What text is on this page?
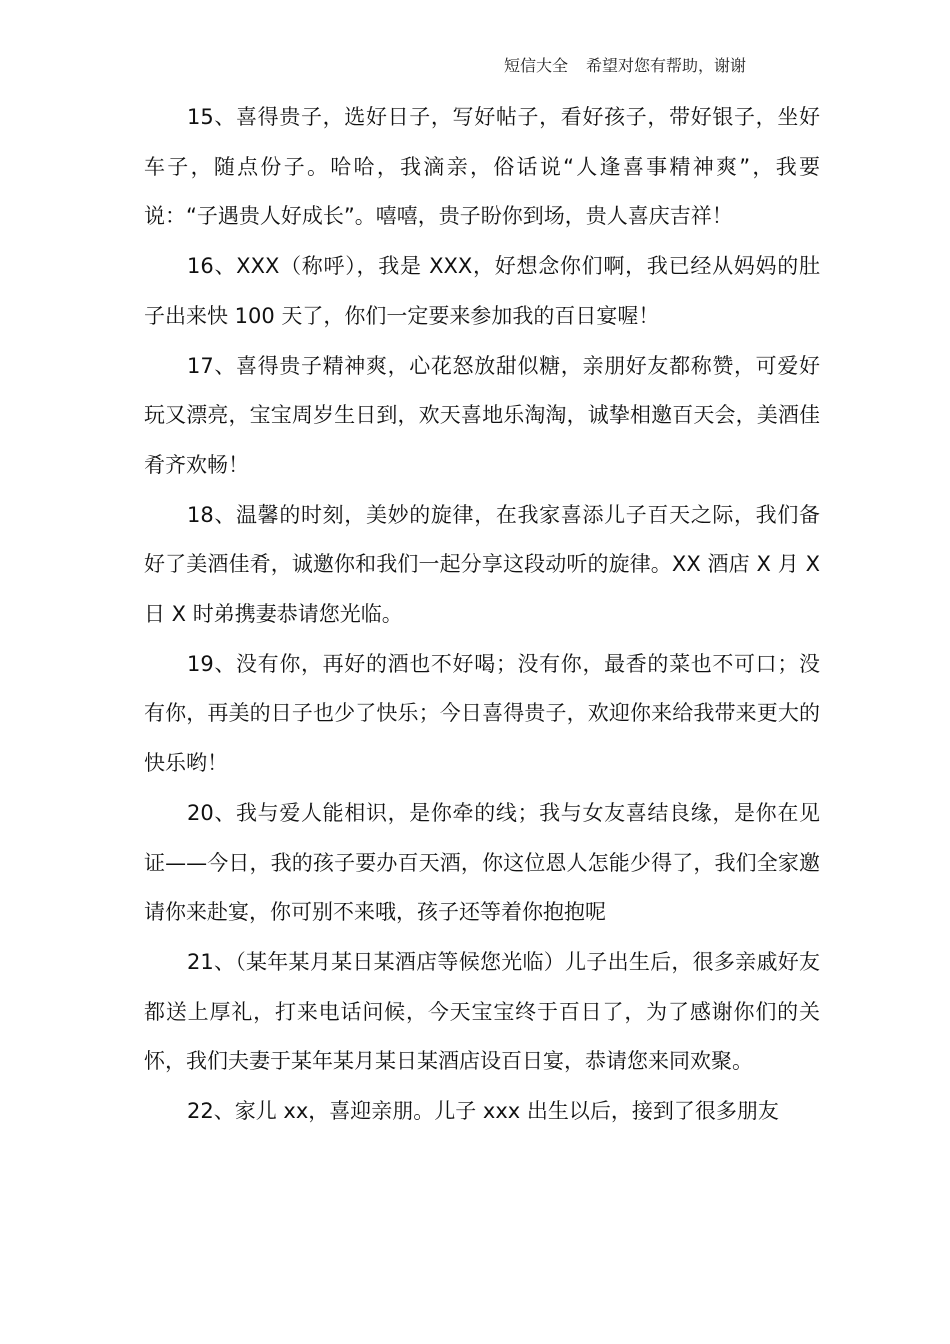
短信大全 希望对您有帮助，谢谢

15、喜得贵子，选好日子，写好帖子，看好孩子，带好银子，坐好车子，随点份子。哈哈，我滴亲，俗话说“人逢喜事精神爽”，我要说：“子遇贵人好成长”。嘻嘻，贵子盼你到场，贵人喜庆吉祥！

16、XXX（称呼），我是 XXX，好想念你们啊，我已经从妈妈的肚子出来快 100 天了，你们一定要来参加我的百日宴喔！

17、喜得贵子精神爽，心花怒放甜似糖，亲朋好友都称赞，可爱好玩又漂亮，宝宝周岁生日到，欢天喜地乐淘淘，诚挚相邀百天会，美酒佳肴齐欢畅！

18、温馨的时刻，美妙的旋律，在我家喜添儿子百天之际，我们备好了美酒佳肴，诚邀你和我们一起分享这段动听的旋律。XX 酒店 X 月 X 日 X 时弟携妻恭请您光临。

19、没有你，再好的酒也不好喝；没有你，最香的菜也不可口；没有你，再美的日子也少了快乐；今日喜得贵子，欢迎你来给我带来更大的快乐哟！

20、我与爱人能相识，是你牵的线；我与女友喜结良缘，是你在见证——今日，我的孩子要办百天酒，你这位恩人怎能少得了，我们全家邀请你来赴宴，你可别不来哦，孩子还等着你抱抱呢

21、（某年某月某日某酒店等候您光临）儿子出生后，很多亲戚好友都送上厚礼，打来电话问候，今天宝宝终于百日了，为了感谢你们的关怀，我们夫妻于某年某月某日某酒店设百日宴，恭请您来同欢聚。

22、家儿 xx，喜迎亲朋。儿子 xxx 出生以后，接到了很多朋友
